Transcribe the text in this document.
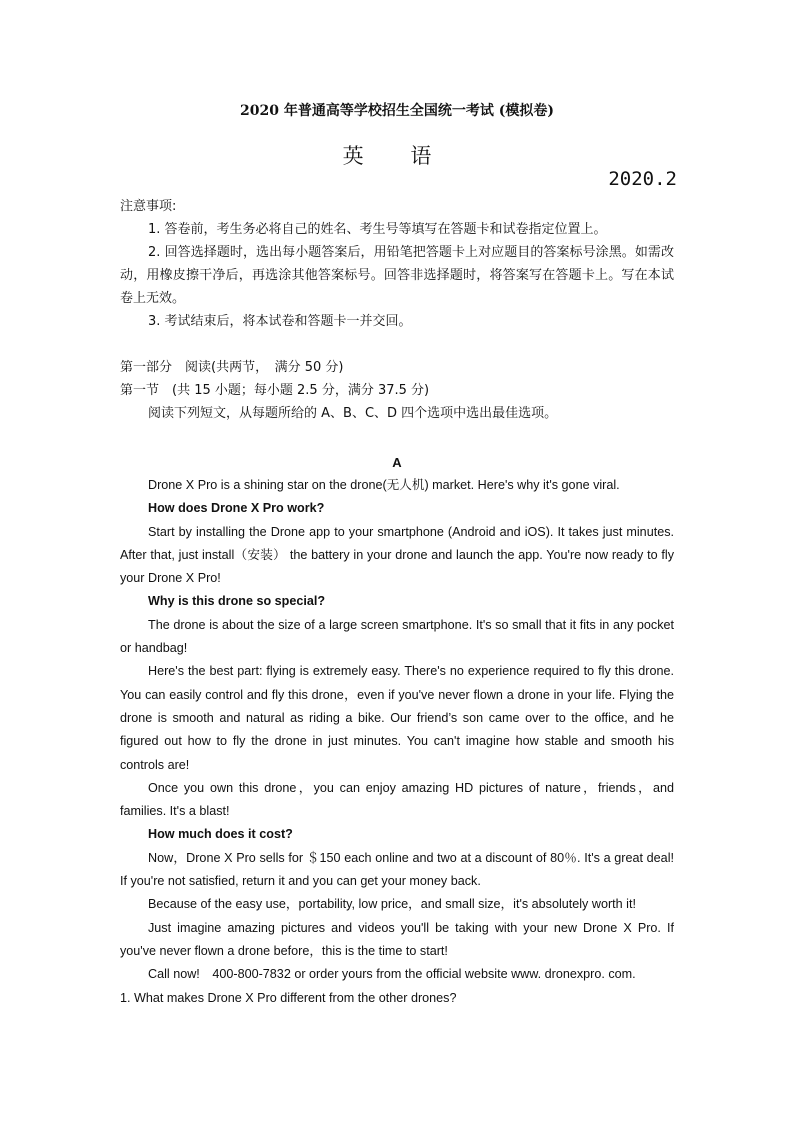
2020 年普通高等学校招生全国统一考试 (模拟卷)
英 语
2020.2
注意事项:
1. 答卷前，考生务必将自己的姓名、考生号等填写在答题卡和试卷指定位置上。
2. 回答选择题时，选出每小题答案后，用铅笔把答题卡上对应题目的答案标号涂黑。如需改动，用橡皮擦干净后，再选涂其他答案标号。回答非选择题时，将答案写在答题卡上。写在本试卷上无效。
3. 考试结束后，将本试卷和答题卡一并交回。
第一部分　阅读(共两节，　满分 50 分)
第一节　(共 15 小题；每小题 2.5 分，满分 37.5 分)
阅读下列短文，从每题所给的 A、B、C、D 四个选项中选出最佳选项。
A

Drone X Pro is a shining star on the drone(无人机) market. Here's why it's gone viral.

How does Drone X Pro work?

Start by installing the Drone app to your smartphone (Android and iOS). It takes just minutes. After that, just install（安装） the battery in your drone and launch the app. You're now ready to fly your Drone X Pro!

Why is this drone so special?

The drone is about the size of a large screen smartphone. It's so small that it fits in any pocket or handbag!

Here's the best part: flying is extremely easy. There's no experience required to fly this drone. You can easily control and fly this drone，even if you've never flown a drone in your life. Flying the drone is smooth and natural as riding a bike. Our friend’s son came over to the office, and he figured out how to fly the drone in just minutes. You can't imagine how stable and smooth his controls are!

Once you own this drone，you can enjoy amazing HD pictures of nature，friends，and families. It's a blast!

How much does it cost?

Now，Drone X Pro sells for ＄150 each online and two at a discount of 80％. It's a great deal! If you're not satisfied, return it and you can get your money back.

Because of the easy use，portability, low price，and small size，it's absolutely worth it!

Just imagine amazing pictures and videos you'll be taking with your new Drone X Pro. If you've never flown a drone before，this is the time to start!

Call now!　400-800-7832 or order yours from the official website www. dronexpro. com.

1. What makes Drone X Pro different from the other drones?
